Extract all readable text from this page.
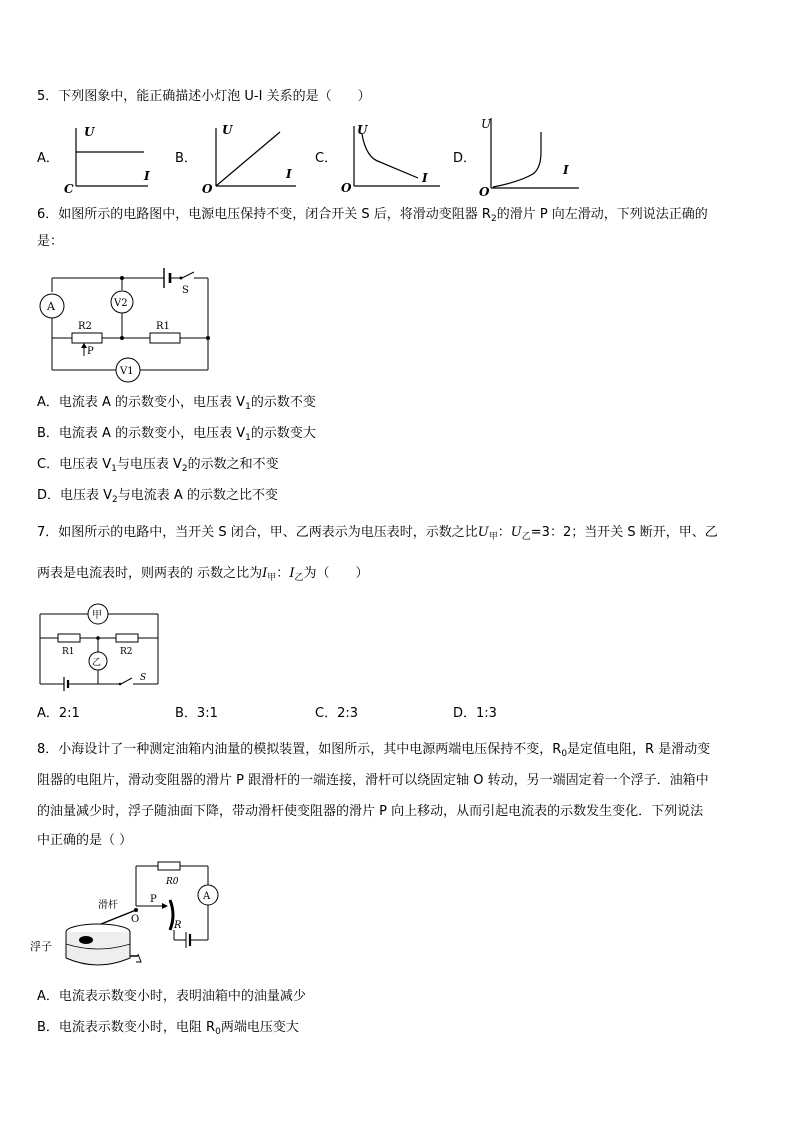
5．下列图象中，能正确描述小灯泡 U-I 关系的是（　　）
A．
U
I
C
B．
U
I
O
C．
U
I
O
D．
U
I
O
6．如图所示的电路图中，电源电压保持不变，闭合开关 S 后，将滑动变阻器 $R_2$的滑片 P 向左滑动，下列说法正确的
是：
S
A	V2
R2	R1
P
V1
A．电流表 A 的示数变小，电压表 $V_1$的示数不变
B．电流表 A 的示数变小，电压表 $V_1$的示数变大
C．电压表 $V_1$与电压表 $V_2$的示数之和不变
D．电压表 $V_2$与电流表 A 的示数之比不变
7．如图所示的电路中，当开关 S 闭合，甲、乙两表示为电压表时，示数之比$U_甲$：$U_乙=3$：2；当开关 S 断开，甲、乙
两表是电流表时，则两表的 示数之比为$I_甲$：$I_乙$为（　　）
甲
R1	R2
乙
S
A．2:1	B．3:1	C．2:3	D．1:3
8．小海设计了一种测定油箱内油量的模拟装置，如图所示，其中电源两端电压保持不变，$R_0$是定值电阻，R 是滑动变
阻器的电阻片，滑动变阻器的滑片 P 跟滑杆的一端连接，滑杆可以绕固定轴 O 转动，另一端固定着一个浮子．油箱中
的油量减少时，浮子随油面下降，带动滑杆使变阻器的滑片 P 向上移动，从而引起电流表的示数发生变化．下列说法
中正确的是（ ）
R0
A
R
P
O
滑杆
浮子
A．电流表示数变小时，表明油箱中的油量减少
B．电流表示数变小时，电阻 $R_0$两端电压变大
